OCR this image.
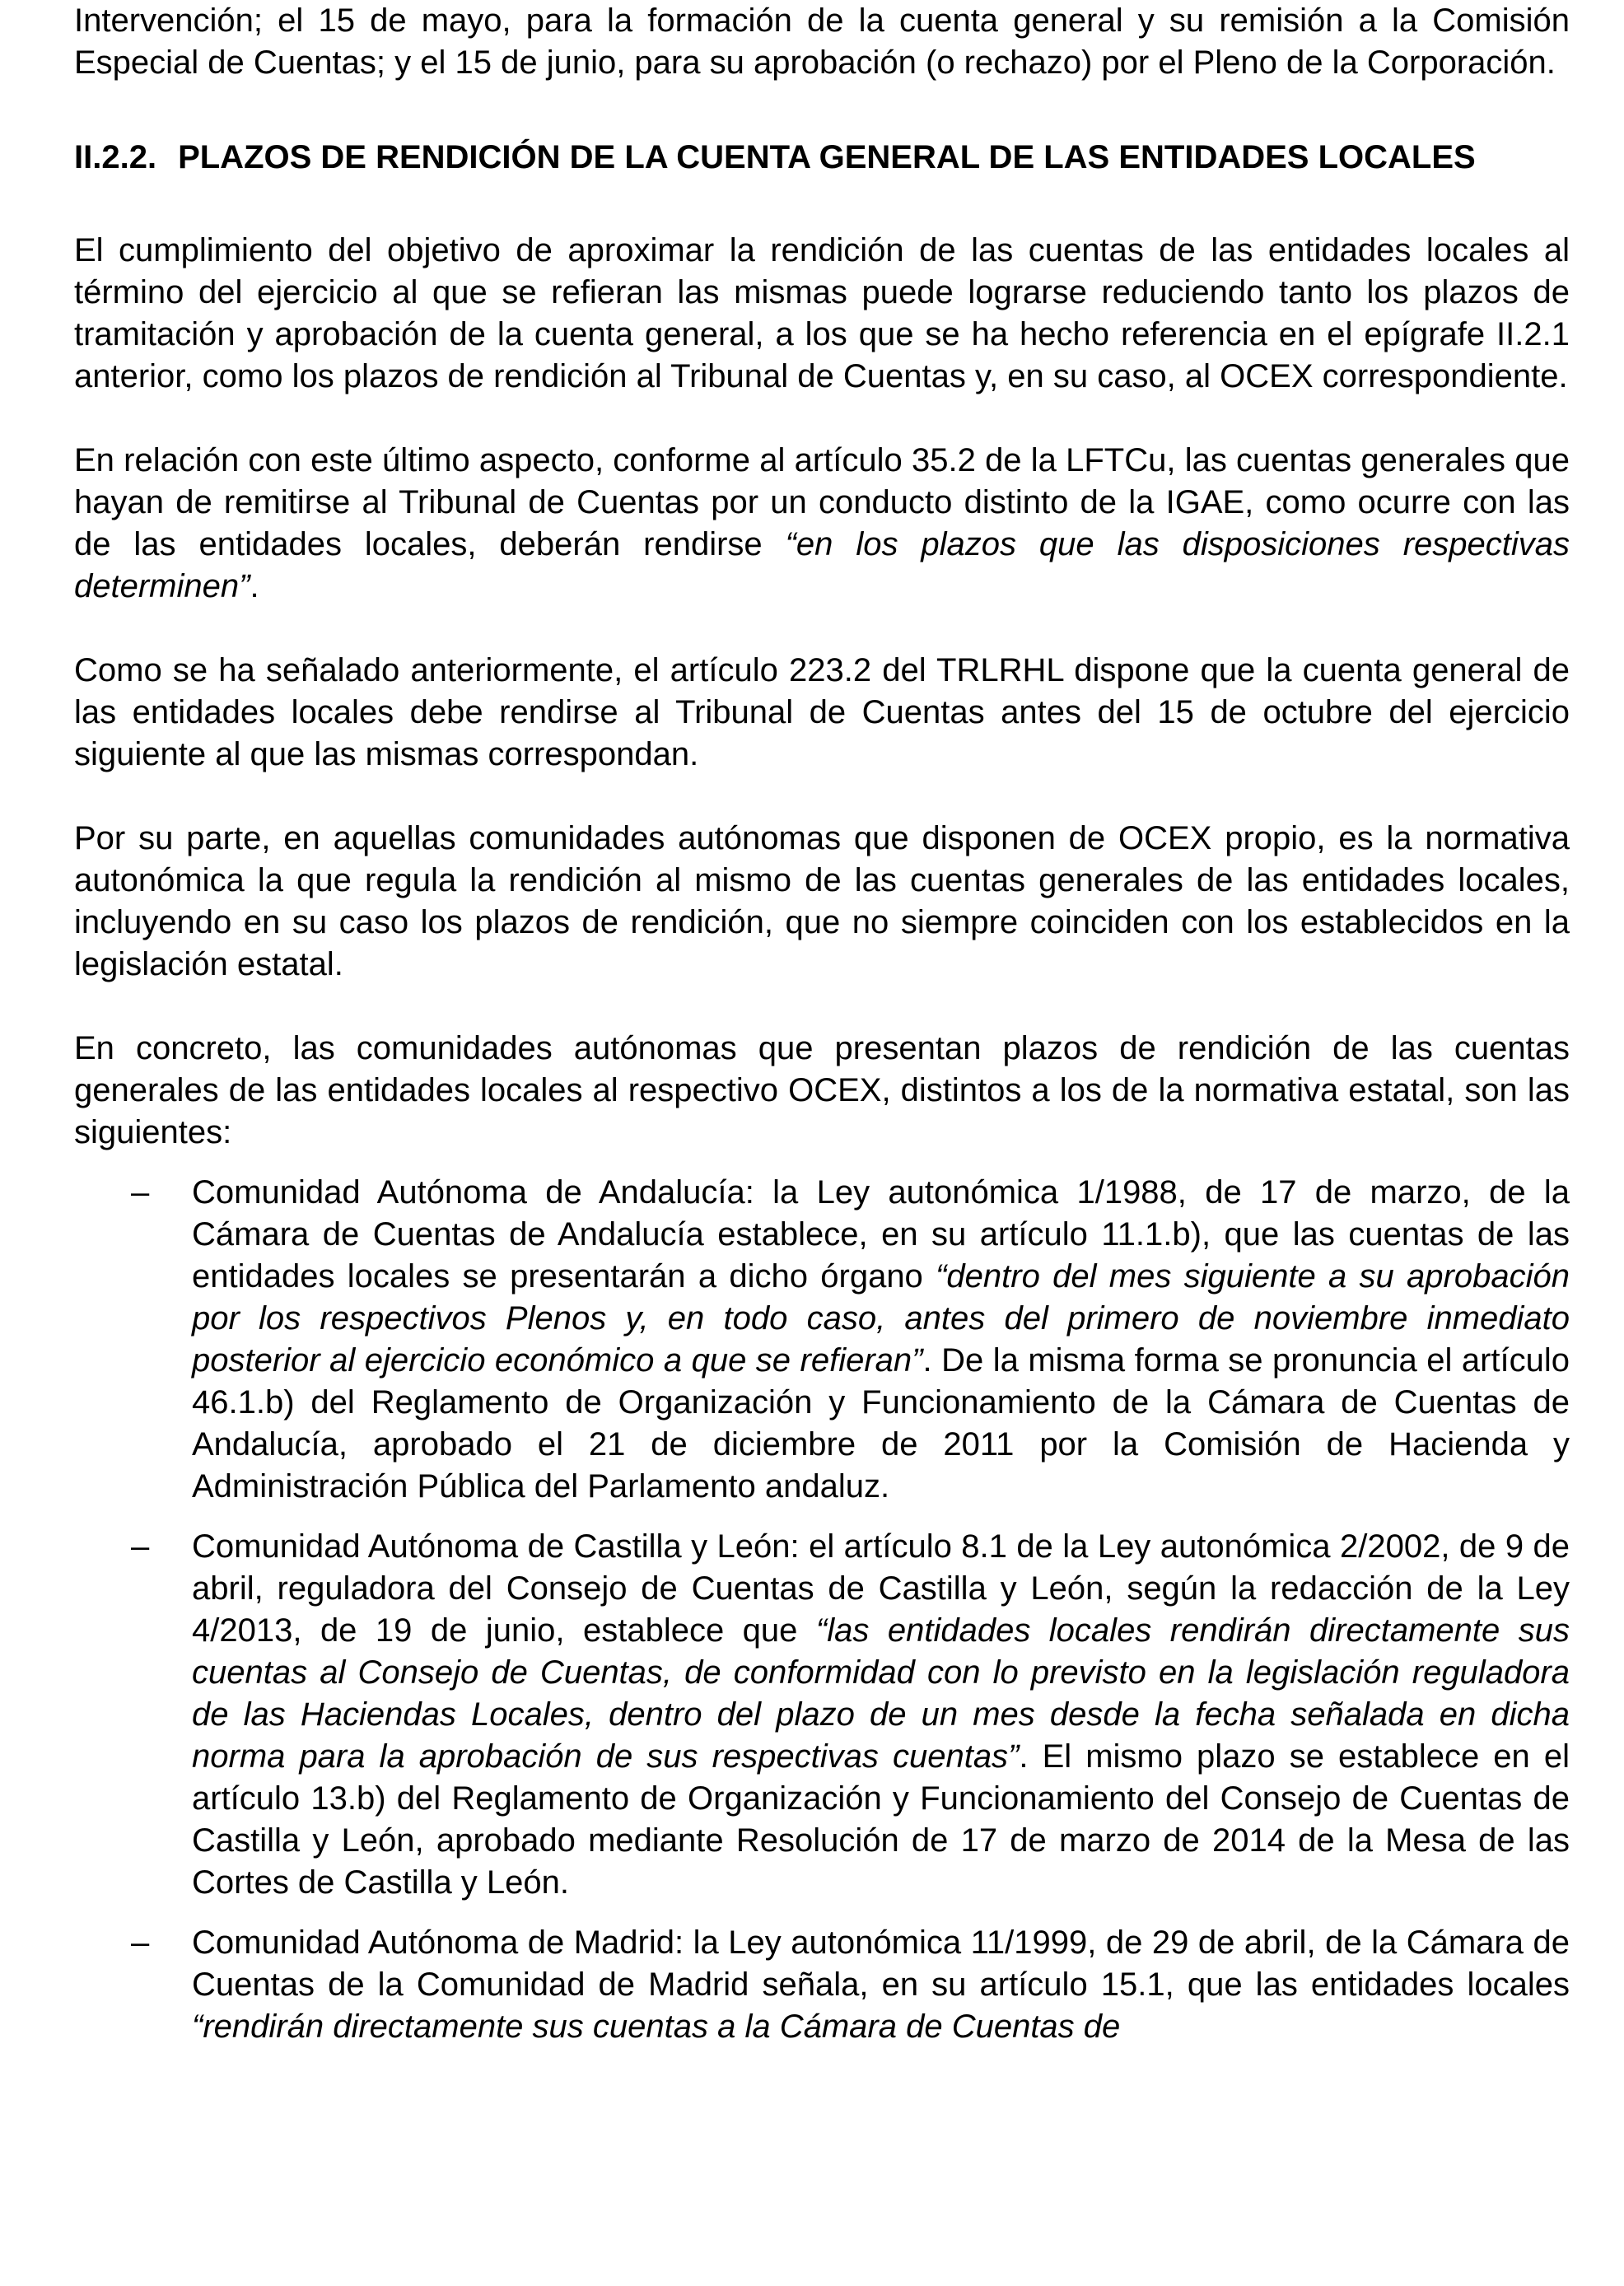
Intervención; el 15 de mayo, para la formación de la cuenta general y su remisión a la Comisión Especial de Cuentas; y el 15 de junio, para su aprobación (o rechazo) por el Pleno de la Corporación.

II.2.2. PLAZOS DE RENDICIÓN DE LA CUENTA GENERAL DE LAS ENTIDADES LOCALES

El cumplimiento del objetivo de aproximar la rendición de las cuentas de las entidades locales al término del ejercicio al que se refieran las mismas puede lograrse reduciendo tanto los plazos de tramitación y aprobación de la cuenta general, a los que se ha hecho referencia en el epígrafe II.2.1 anterior, como los plazos de rendición al Tribunal de Cuentas y, en su caso, al OCEX correspondiente.

En relación con este último aspecto, conforme al artículo 35.2 de la LFTCu, las cuentas generales que hayan de remitirse al Tribunal de Cuentas por un conducto distinto de la IGAE, como ocurre con las de las entidades locales, deberán rendirse “en los plazos que las disposiciones respectivas determinen”.

Como se ha señalado anteriormente, el artículo 223.2 del TRLRHL dispone que la cuenta general de las entidades locales debe rendirse al Tribunal de Cuentas antes del 15 de octubre del ejercicio siguiente al que las mismas correspondan.

Por su parte, en aquellas comunidades autónomas que disponen de OCEX propio, es la normativa autonómica la que regula la rendición al mismo de las cuentas generales de las entidades locales, incluyendo en su caso los plazos de rendición, que no siempre coinciden con los establecidos en la legislación estatal.

En concreto, las comunidades autónomas que presentan plazos de rendición de las cuentas generales de las entidades locales al respectivo OCEX, distintos a los de la normativa estatal, son las siguientes:

– Comunidad Autónoma de Andalucía: la Ley autonómica 1/1988, de 17 de marzo, de la Cámara de Cuentas de Andalucía establece, en su artículo 11.1.b), que las cuentas de las entidades locales se presentarán a dicho órgano “dentro del mes siguiente a su aprobación por los respectivos Plenos y, en todo caso, antes del primero de noviembre inmediato posterior al ejercicio económico a que se refieran”. De la misma forma se pronuncia el artículo 46.1.b) del Reglamento de Organización y Funcionamiento de la Cámara de Cuentas de Andalucía, aprobado el 21 de diciembre de 2011 por la Comisión de Hacienda y Administración Pública del Parlamento andaluz.
– Comunidad Autónoma de Castilla y León: el artículo 8.1 de la Ley autonómica 2/2002, de 9 de abril, reguladora del Consejo de Cuentas de Castilla y León, según la redacción de la Ley 4/2013, de 19 de junio, establece que “las entidades locales rendirán directamente sus cuentas al Consejo de Cuentas, de conformidad con lo previsto en la legislación reguladora de las Haciendas Locales, dentro del plazo de un mes desde la fecha señalada en dicha norma para la aprobación de sus respectivas cuentas”. El mismo plazo se establece en el artículo 13.b) del Reglamento de Organización y Funcionamiento del Consejo de Cuentas de Castilla y León, aprobado mediante Resolución de 17 de marzo de 2014 de la Mesa de las Cortes de Castilla y León.
– Comunidad Autónoma de Madrid: la Ley autonómica 11/1999, de 29 de abril, de la Cámara de Cuentas de la Comunidad de Madrid señala, en su artículo 15.1, que las entidades locales “rendirán directamente sus cuentas a la Cámara de Cuentas de
